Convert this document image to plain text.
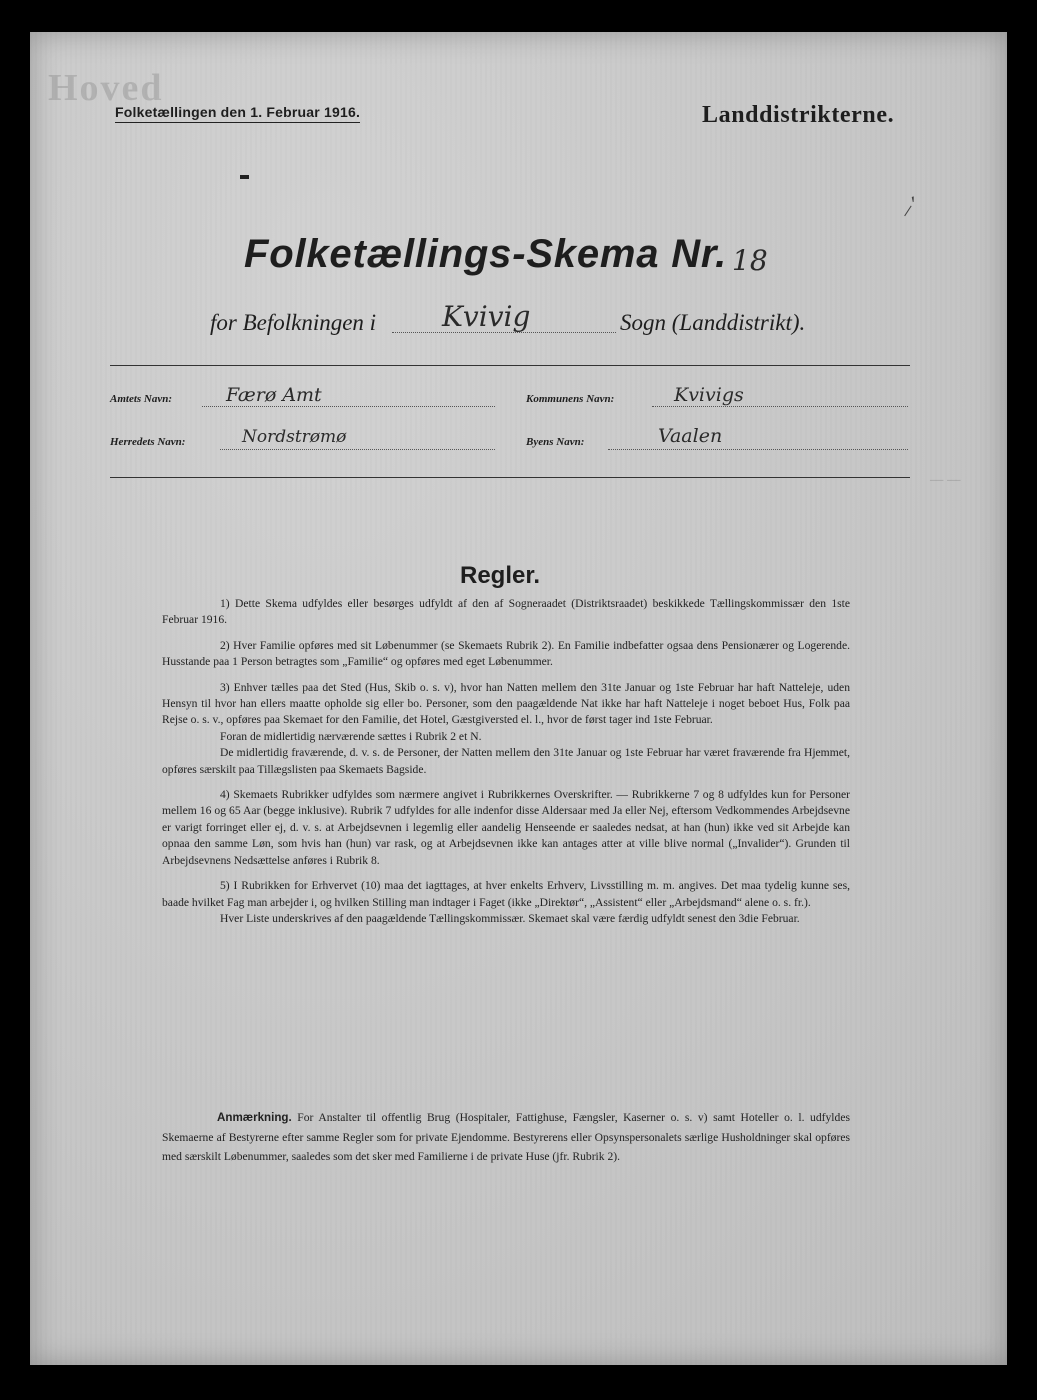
Hoved
Folketællingen den 1. Februar 1916.	Landdistrikterne.
⸝′
Folketællings-Skema Nr. 18
for Befolkningen i Kvivig	Sogn (Landdistrikt).
Amtets Navn:	Færø Amt	Kommunens Navn:	Kvivigs
Herredets Navn:	Nordstrømø	Byens Navn:	Vaalen
— —
Regler.

1) Dette Skema udfyldes eller besørges udfyldt af den af Sogneraadet (Distriktsraadet) beskikkede Tællingskommissær den 1ste Februar 1916.

2) Hver Familie opføres med sit Løbenummer (se Skemaets Rubrik 2). En Familie indbefatter ogsaa dens Pensionærer og Logerende. Husstande paa 1 Person betragtes som „Familie“ og opføres med eget Løbenummer.

3) Enhver tælles paa det Sted (Hus, Skib o. s. v), hvor han Natten mellem den 31te Januar og 1ste Februar har haft Natteleje, uden Hensyn til hvor han ellers maatte opholde sig eller bo. Personer, som den paagældende Nat ikke har haft Natteleje i noget beboet Hus, Folk paa Rejse o. s. v., opføres paa Skemaet for den Familie, det Hotel, Gæstgiversted el. l., hvor de først tager ind 1ste Februar.

Foran de midlertidig nærværende sættes i Rubrik 2 et N.

De midlertidig fraværende, d. v. s. de Personer, der Natten mellem den 31te Januar og 1ste Februar har været fraværende fra Hjemmet, opføres særskilt paa Tillægslisten paa Skemaets Bagside.

4) Skemaets Rubrikker udfyldes som nærmere angivet i Rubrikkernes Overskrifter. — Rubrikkerne 7 og 8 udfyldes kun for Personer mellem 16 og 65 Aar (begge inklusive). Rubrik 7 udfyldes for alle indenfor disse Aldersaar med Ja eller Nej, eftersom Vedkommendes Arbejdsevne er varigt forringet eller ej, d. v. s. at Arbejdsevnen i legemlig eller aandelig Henseende er saaledes nedsat, at han (hun) ikke ved sit Arbejde kan opnaa den samme Løn, som hvis han (hun) var rask, og at Arbejdsevnen ikke kan antages atter at ville blive normal („Invalider“). Grunden til Arbejdsevnens Nedsættelse anføres i Rubrik 8.

5) I Rubrikken for Erhvervet (10) maa det iagttages, at hver enkelts Erhverv, Livsstilling m. m. angives. Det maa tydelig kunne ses, baade hvilket Fag man arbejder i, og hvilken Stilling man indtager i Faget (ikke „Direktør“, „Assistent“ eller „Arbejdsmand“ alene o. s. fr.).

Hver Liste underskrives af den paagældende Tællingskommissær. Skemaet skal være færdig udfyldt senest den 3die Februar.

Anmærkning. For Anstalter til offentlig Brug (Hospitaler, Fattighuse, Fængsler, Kaserner o. s. v) samt Hoteller o. l. udfyldes Skemaerne af Bestyrerne efter samme Regler som for private Ejendomme. Bestyrerens eller Opsynspersonalets særlige Husholdninger skal opføres med særskilt Løbenummer, saaledes som det sker med Familierne i de private Huse (jfr. Rubrik 2).
